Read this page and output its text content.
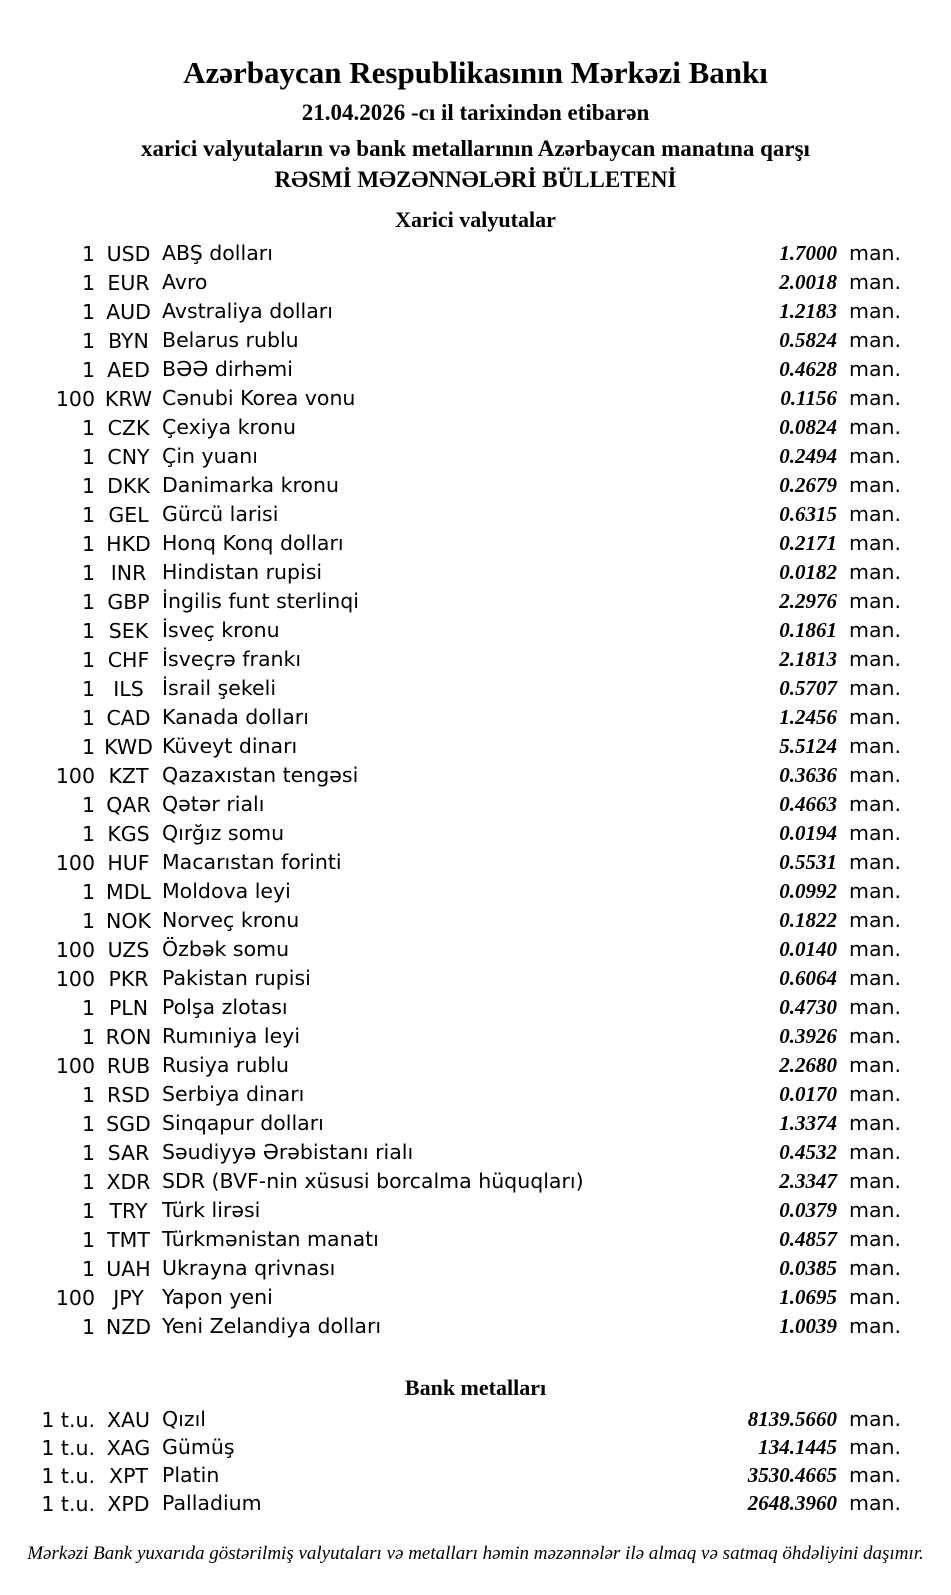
Azərbaycan Respublikasının Mərkəzi Bankı
21.04.2026 -cı il tarixindən etibarən
xarici valyutaların və bank metallarının Azərbaycan manatına qarşı
RƏSMİ MƏZƏNNƏLƏRİ BÜLLETENİ
Xarici valyutalar
1 USD ABŞ dolları	1.7000 man.
1 EUR Avro	2.0018 man.
1 AUD Avstraliya dolları	1.2183 man.
1 BYN Belarus rublu	0.5824 man.
1 AED BƏƏ dirhəmi	0.4628 man.
100 KRW Cənubi Korea vonu	0.1156 man.
1 CZK Çexiya kronu	0.0824 man.
1 CNY Çin yuanı	0.2494 man.
1 DKK Danimarka kronu	0.2679 man.
1 GEL Gürcü larisi	0.6315 man.
1 HKD Honq Konq dolları	0.2171 man.
1 INR Hindistan rupisi	0.0182 man.
1 GBP İngilis funt sterlinqi	2.2976 man.
1 SEK İsveç kronu	0.1861 man.
1 CHF İsveçrə frankı	2.1813 man.
1 ILS İsrail şekeli	0.5707 man.
1 CAD Kanada dolları	1.2456 man.
1 KWD Küveyt dinarı	5.5124 man.
100 KZT Qazaxıstan tengəsi	0.3636 man.
1 QAR Qətər rialı	0.4663 man.
1 KGS Qırğız somu	0.0194 man.
100 HUF Macarıstan forinti	0.5531 man.
1 MDL Moldova leyi	0.0992 man.
1 NOK Norveç kronu	0.1822 man.
100 UZS Özbək somu	0.0140 man.
100 PKR Pakistan rupisi	0.6064 man.
1 PLN Polşa zlotası	0.4730 man.
1 RON Rumıniya leyi	0.3926 man.
100 RUB Rusiya rublu	2.2680 man.
1 RSD Serbiya dinarı	0.0170 man.
1 SGD Sinqapur dolları	1.3374 man.
1 SAR Səudiyyə Ərəbistanı rialı	0.4532 man.
1 XDR SDR (BVF-nin xüsusi borcalma hüquqları)	2.3347 man.
1 TRY Türk lirəsi	0.0379 man.
1 TMT Türkmənistan manatı	0.4857 man.
1 UAH Ukrayna qrivnası	0.0385 man.
100 JPY Yapon yeni	1.0695 man.
1 NZD Yeni Zelandiya dolları	1.0039 man.
Bank metalları
1 t.u. XAU Qızıl	8139.5660 man.
1 t.u. XAG Gümüş	134.1445 man.
1 t.u. XPT Platin	3530.4665 man.
1 t.u. XPD Palladium	2648.3960 man.
Mərkəzi Bank yuxarıda göstərilmiş valyutaları və metalları həmin məzənnələr ilə almaq və satmaq öhdəliyini daşımır.
